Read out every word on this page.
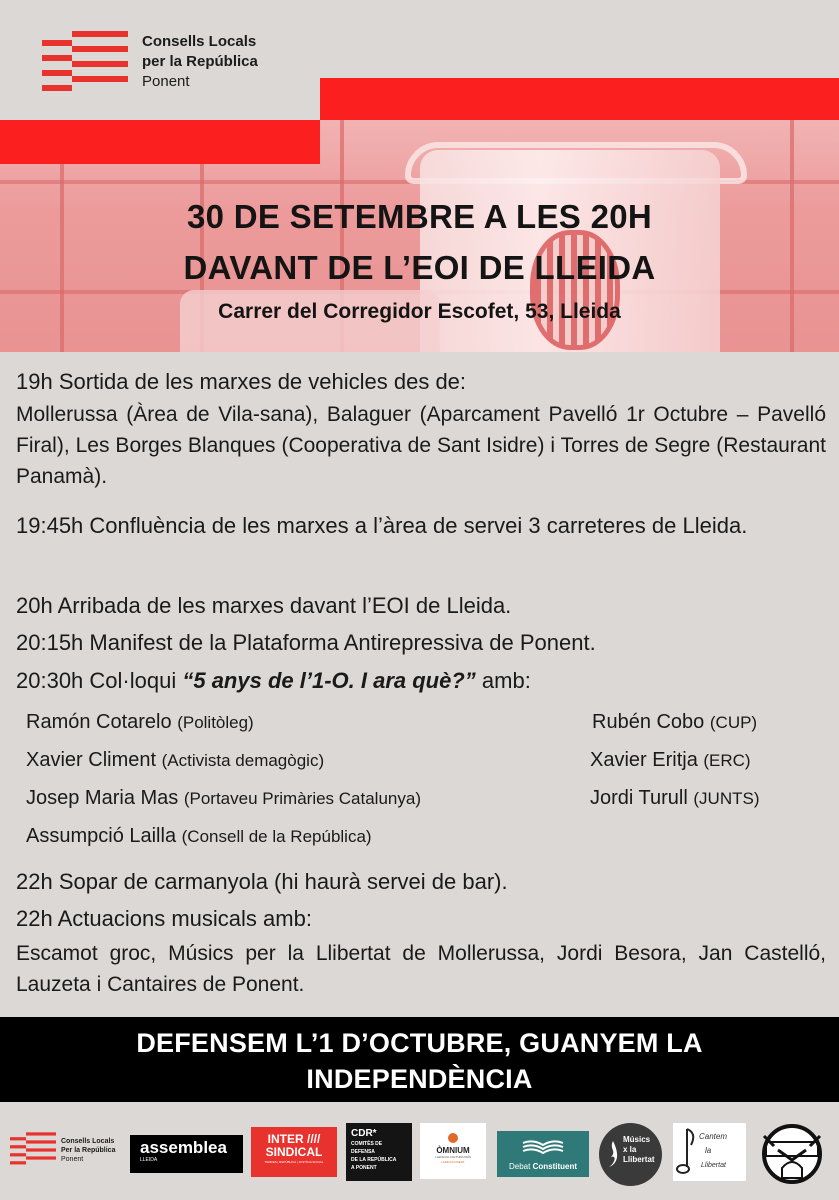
Consells Locals
per la República
Ponent
30 DE SETEMBRE A LES 20H
DAVANT DE L’EOI DE LLEIDA
Carrer del Corregidor Escofet, 53, Lleida
19h Sortida de les marxes de vehicles des de:
Mollerussa (Àrea de Vila-sana), Balaguer (Aparcament Pavelló 1r Octubre – Pavelló Firal), Les Borges Blanques (Cooperativa de Sant Isidre) i Torres de Segre (Restaurant Panamà).
19:45h Confluència de les marxes a l’àrea de servei 3 carreteres de Lleida.
20h Arribada de les marxes davant l’EOI de Lleida.
20:15h Manifest de la Plataforma Antirepressiva de Ponent.
20:30h Col·loqui “5 anys de l’1-O. I ara què?” amb:
Ramón Cotarelo (Politòleg)
Xavier Climent (Activista demagògic)
Josep Maria Mas (Portaveu Primàries Catalunya)
Assumpció Lailla (Consell de la República)
Rubén Cobo (CUP)
Xavier Eritja (ERC)
Jordi Turull (JUNTS)
22h Sopar de carmanyola (hi haurà servei de bar).
22h Actuacions musicals amb:
Escamot groc, Músics per la Llibertat de Mollerussa, Jordi Besora, Jan Castelló, Lauzeta i Cantaires de Ponent.
DEFENSEM L’1 D’OCTUBRE, GUANYEM LA
INDEPENDÈNCIA
Consells Locals
Per la República
Ponent
assemblea
LLEIDA
INTER ////
SINDICAL
TERRES | REPÚBLICA | JUSTÍCIA SOCIAL
CDR*
COMITÈS DE DEFENSA
DE LA REPÚBLICA
A PONENT
ÒMNIUM
LLENGUA CULTURA PAÍS
LLEIDA PONENT	Debat Constituent
Músics
x la
Llibertat
Cantem
la
Llibertat
